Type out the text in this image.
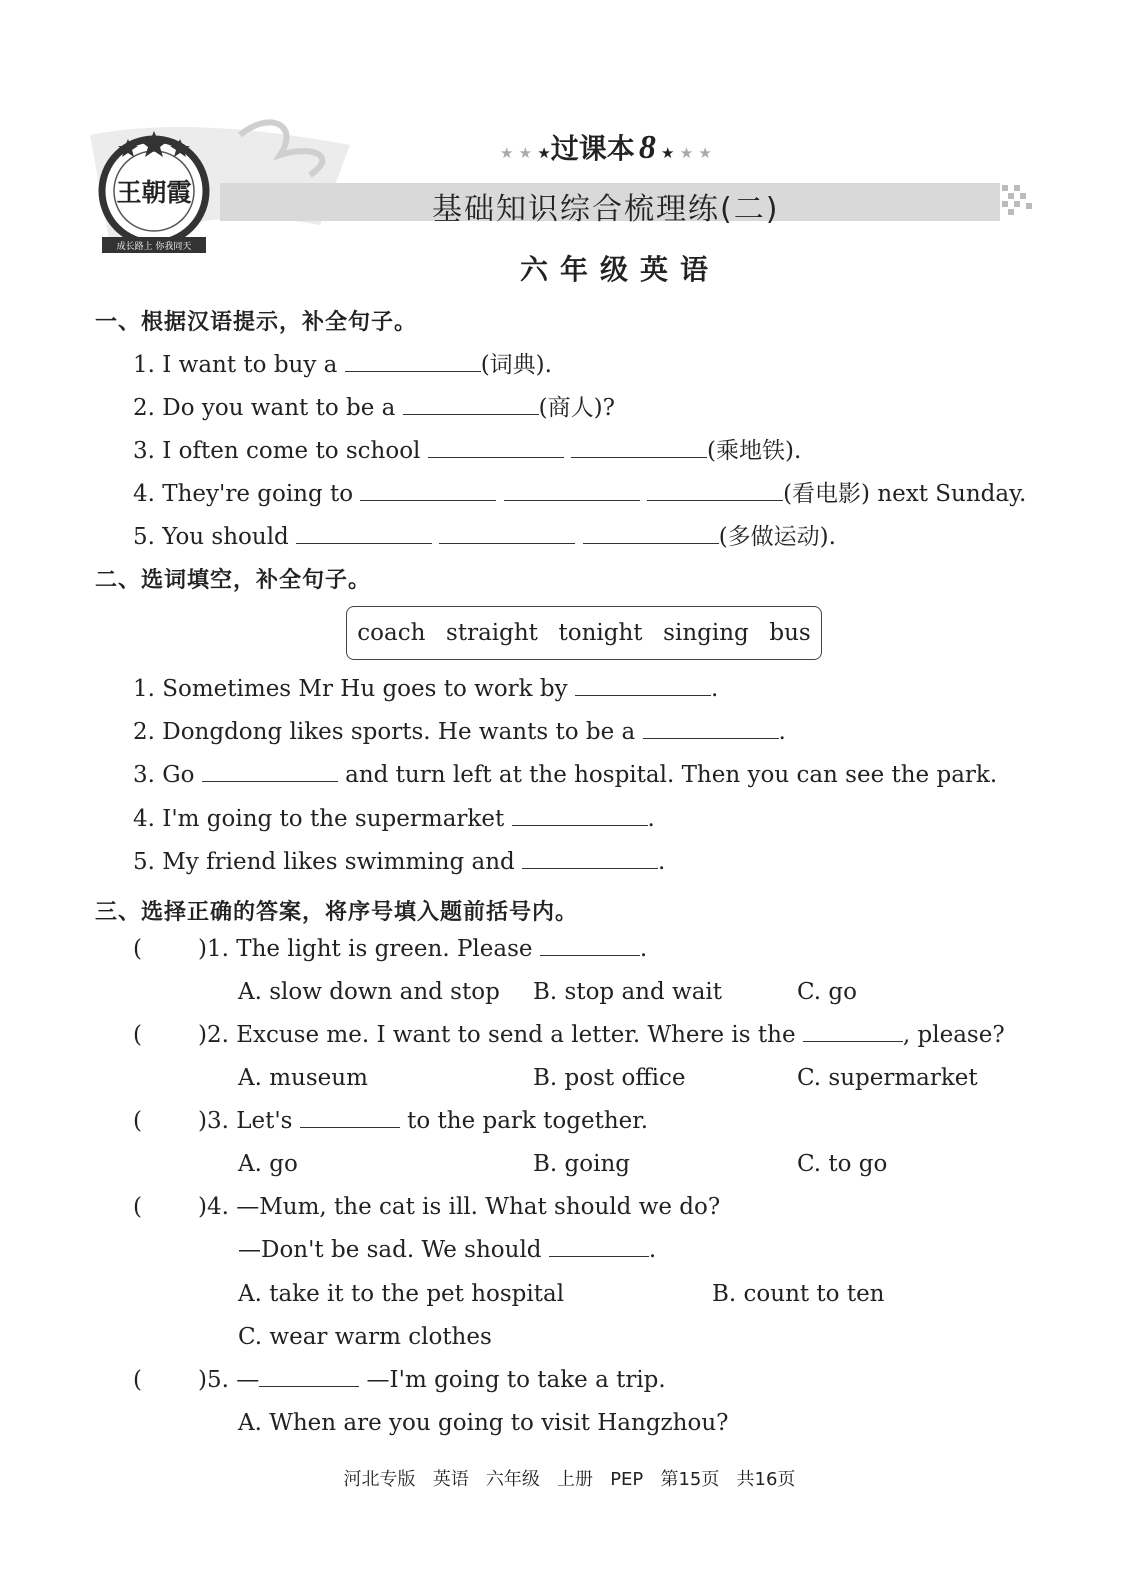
王朝霞
成长路上 你我同天
★ ★ ★过课本 8 ★ ★ ★
基础知识综合梳理练(二)
六年级英语
一、根据汉语提示，补全句子。
1. I want to buy a	(词典).
2. Do you want to be a	(商人)?
3. I often come to school	(乘地铁).
4. They're going to	(看电影) next Sunday.
5. You should	(多做运动).
二、选词填空，补全句子。
coach straight tonight singing bus
1. Sometimes Mr Hu goes to work by	.
2. Dongdong likes sports. He wants to be a	.
3. Go	and turn left at the hospital. Then you can see the park.
4. I'm going to the supermarket	.
5. My friend likes swimming and	.
三、选择正确的答案，将序号填入题前括号内。
( )1. The light is green. Please	.
A. slow down and stop B. stop and wait	C. go
( )2. Excuse me. I want to send a letter. Where is the	, please?
A. museum	B. post office	C. supermarket
( )3. Let's	to the park together.
A. go	B. going	C. to go
( )4. —Mum, the cat is ill. What should we do?
—Don't be sad. We should	.
A. take it to the pet hospital	B. count to ten
C. wear warm clothes
( )5. —	—I'm going to take a trip.
A. When are you going to visit Hangzhou?
河北专版   英语   六年级   上册   PEP   第15页   共16页
